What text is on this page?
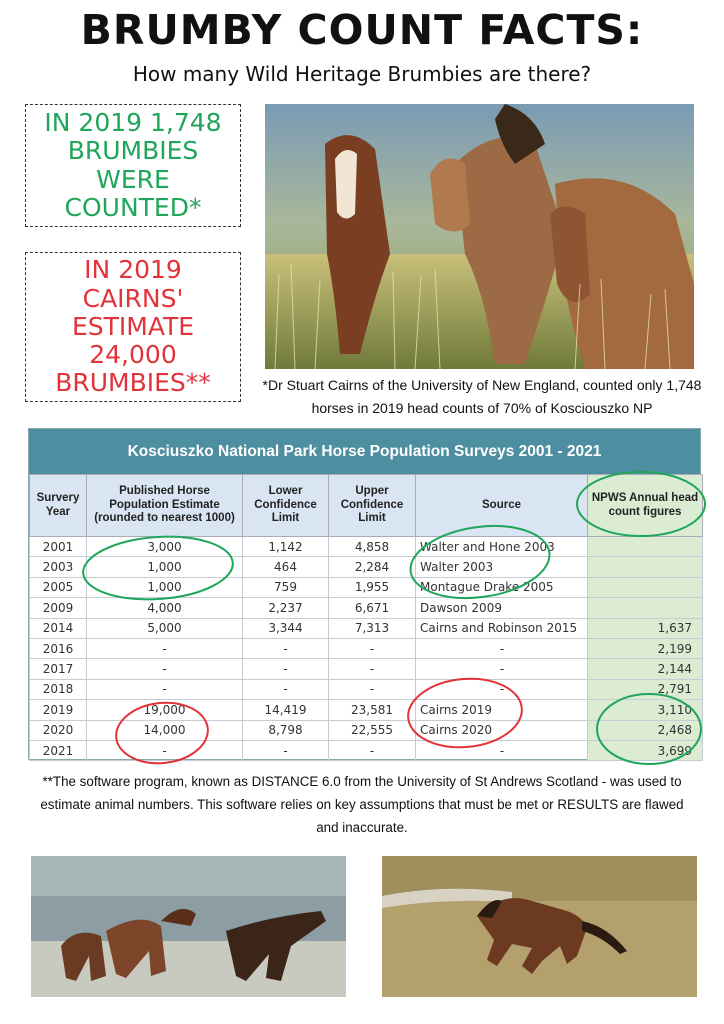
BRUMBY COUNT FACTS:
How many Wild Heritage Brumbies are there?
IN 2019 1,748 BRUMBIES WERE COUNTED*
IN 2019 CAIRNS' ESTIMATE 24,000 BRUMBIES**	*Dr Stuart Cairns of the University of New England, counted only 1,748 horses in 2019 head counts of 70% of Kosciouszko NP
Kosciuszko National Park Horse Population Surveys 2001 - 2021
Survery Year	Published Horse Population Estimate (rounded to nearest 1000)	Lower Confidence Limit	Upper Confidence Limit	Source	NPWS Annual head count figures
2001	3,000	1,142	4,858	Walter and Hone 2003	
2003	1,000	464	2,284	Walter 2003	
2005	1,000	759	1,955	Montague Drake 2005	
2009	4,000	2,237	6,671	Dawson 2009	
2014	5,000	3,344	7,313	Cairns and Robinson 2015	1,637
2016	-	-	-	-	2,199
2017	-	-	-	-	2,144
2018	-	-	-	-	2,791
2019	19,000	14,419	23,581	Cairns 2019	3,110
2020	14,000	8,798	22,555	Cairns 2020	2,468
2021	-	-	-	-	3,699
**The software program, known as DISTANCE 6.0 from the University of St Andrews Scotland - was used to estimate animal numbers. This software relies on key assumptions that must be met or RESULTS are flawed and inaccurate.
